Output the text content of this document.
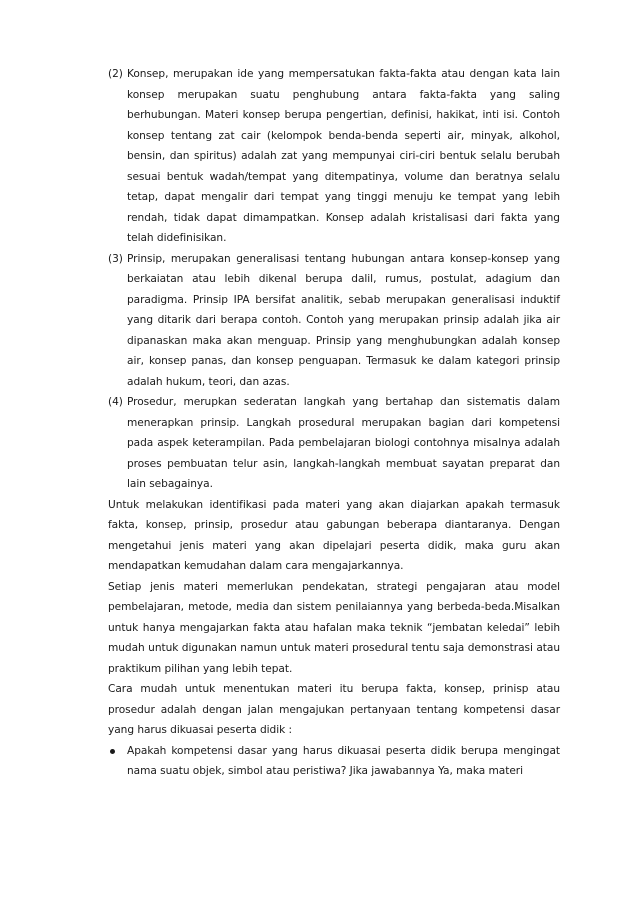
(2) Konsep, merupakan ide yang mempersatukan fakta-fakta atau dengan kata lain konsep merupakan suatu penghubung antara fakta-fakta yang saling berhubungan. Materi konsep berupa pengertian, definisi, hakikat, inti isi. Contoh konsep tentang zat cair (kelompok benda-benda seperti air, minyak, alkohol, bensin, dan spiritus) adalah zat yang mempunyai ciri-ciri bentuk selalu berubah sesuai bentuk wadah/tempat yang ditempatinya, volume dan beratnya selalu tetap, dapat mengalir dari tempat yang tinggi menuju ke tempat yang lebih rendah, tidak dapat dimampatkan. Konsep adalah kristalisasi dari fakta yang telah didefinisikan.
(3) Prinsip, merupakan generalisasi tentang hubungan antara konsep-konsep yang berkaiatan atau lebih dikenal berupa dalil, rumus, postulat, adagium dan paradigma. Prinsip IPA bersifat analitik, sebab merupakan generalisasi induktif yang ditarik dari berapa contoh. Contoh yang merupakan prinsip adalah jika air dipanaskan maka akan menguap. Prinsip yang menghubungkan adalah konsep air, konsep panas, dan konsep penguapan. Termasuk ke dalam kategori prinsip adalah hukum, teori, dan azas.
(4) Prosedur, merupkan sederatan langkah yang bertahap dan sistematis dalam menerapkan prinsip. Langkah prosedural merupakan bagian dari kompetensi pada aspek keterampilan. Pada pembelajaran biologi contohnya misalnya adalah proses pembuatan telur asin, langkah-langkah membuat sayatan preparat dan lain sebagainya.

Untuk melakukan identifikasi pada materi yang akan diajarkan apakah termasuk fakta, konsep, prinsip, prosedur atau gabungan beberapa diantaranya. Dengan mengetahui jenis materi yang akan dipelajari peserta didik, maka guru akan mendapatkan kemudahan dalam cara mengajarkannya.

Setiap jenis materi memerlukan pendekatan, strategi pengajaran atau model pembelajaran, metode, media dan sistem penilaiannya yang berbeda-beda.Misalkan untuk hanya mengajarkan fakta atau hafalan maka teknik “jembatan keledai” lebih mudah untuk digunakan namun untuk materi prosedural tentu saja demonstrasi atau praktikum pilihan yang lebih tepat.

Cara mudah untuk menentukan materi itu berupa fakta, konsep, prinisp atau prosedur adalah dengan jalan mengajukan pertanyaan tentang kompetensi dasar yang harus dikuasai peserta didik :

Apakah kompetensi dasar yang harus dikuasai peserta didik berupa mengingat nama suatu objek, simbol atau peristiwa? Jika jawabannya Ya, maka materi
